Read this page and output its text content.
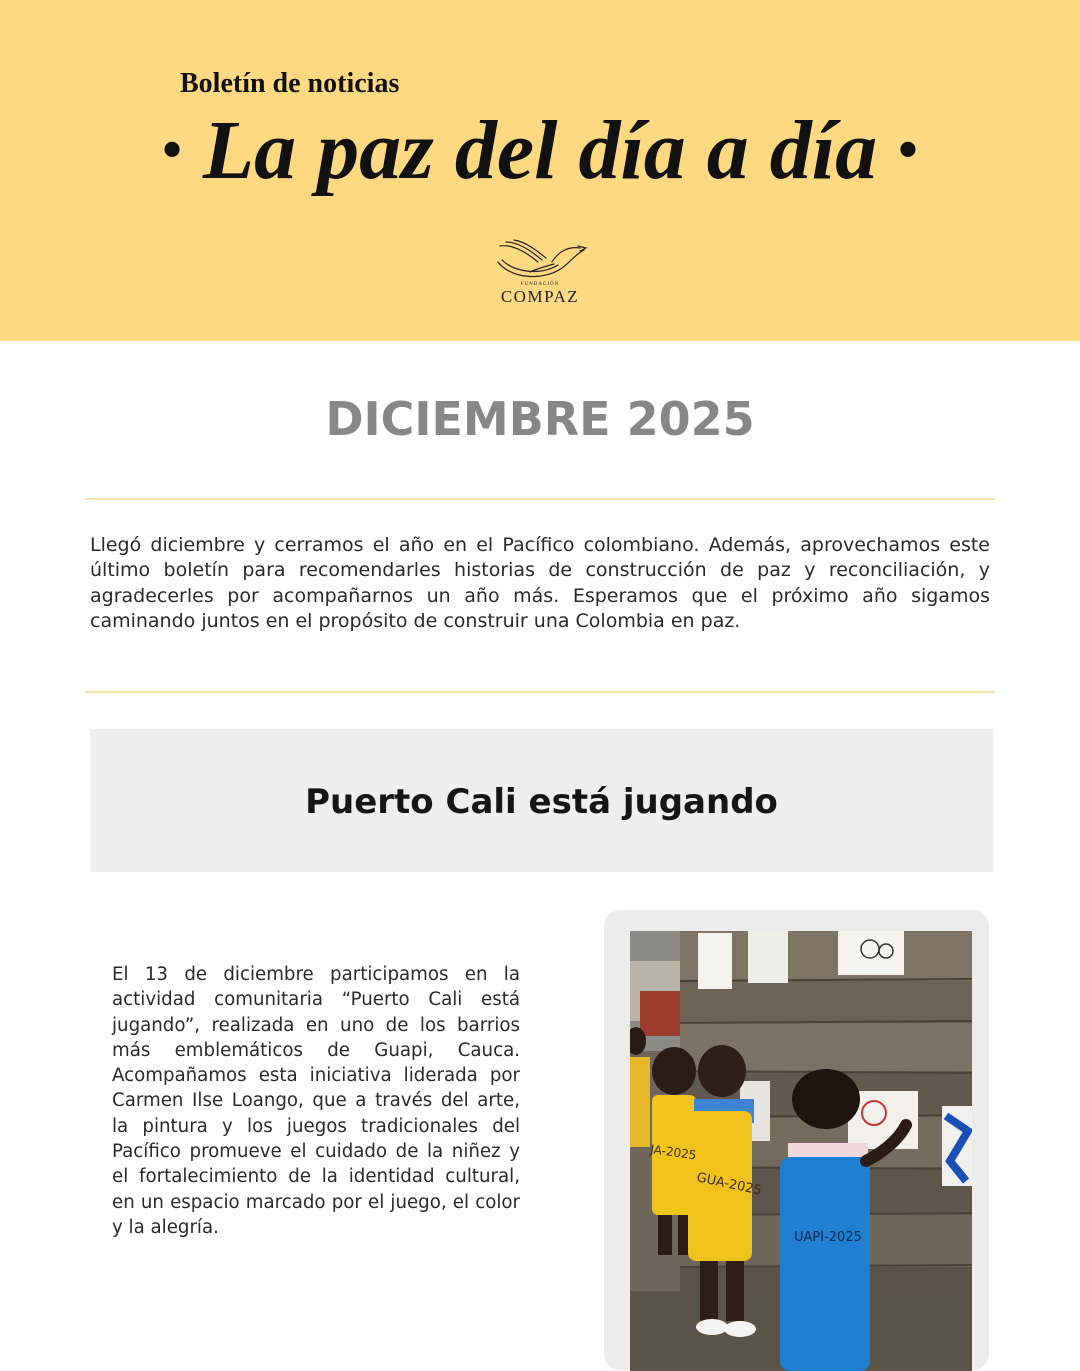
Boletín de noticias
• La paz del día a día •
FUNDACIÓN
COMPAZ
DICIEMBRE 2025
Llegó diciembre y cerramos el año en el Pacífico colombiano. Además, aprovechamos este último boletín para recomendarles historias de construcción de paz y reconciliación, y agradecerles por acompañarnos un año más. Esperamos que el próximo año sigamos caminando juntos en el propósito de construir una Colombia en paz.
Puerto Cali está jugando
El 13 de diciembre participamos en la actividad comunitaria “Puerto Cali está jugando”, realizada en uno de los barrios más emblemáticos de Guapi, Cauca. Acompañamos esta iniciativa liderada por Carmen Ilse Loango, que a través del arte, la pintura y los juegos tradicionales del Pacífico promueve el cuidado de la niñez y el fortalecimiento de la identidad cultural, en un espacio marcado por el juego, el color y la alegría.
GUA-2025
JA-2025
UAPI-2025
